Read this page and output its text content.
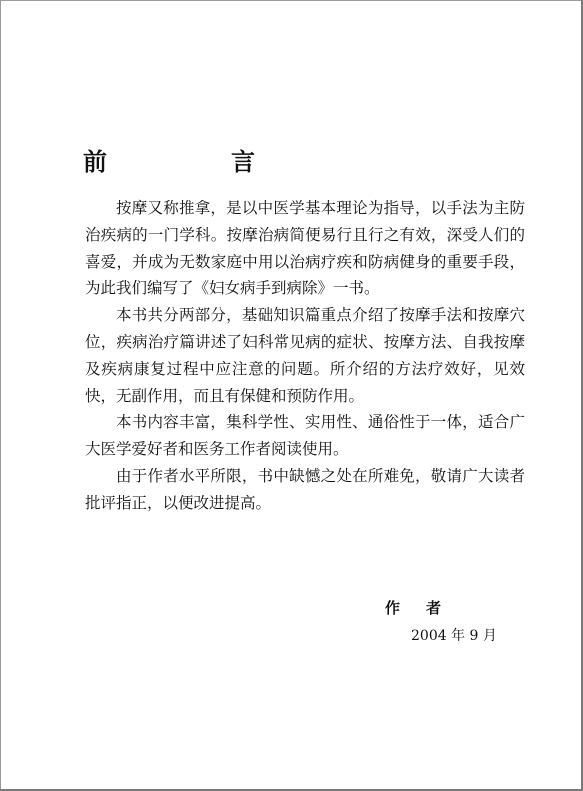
前　言

按摩又称推拿，是以中医学基本理论为指导，以手法为主防治疾病的一门学科。按摩治病简便易行且行之有效，深受人们的喜爱，并成为无数家庭中用以治病疗疾和防病健身的重要手段，为此我们编写了《妇女病手到病除》一书。

本书共分两部分，基础知识篇重点介绍了按摩手法和按摩穴位，疾病治疗篇讲述了妇科常见病的症状、按摩方法、自我按摩及疾病康复过程中应注意的问题。所介绍的方法疗效好，见效快，无副作用，而且有保健和预防作用。

本书内容丰富，集科学性、实用性、通俗性于一体，适合广大医学爱好者和医务工作者阅读使用。

由于作者水平所限，书中缺憾之处在所难免，敬请广大读者批评指正，以便改进提高。

作者
2004 年 9 月
